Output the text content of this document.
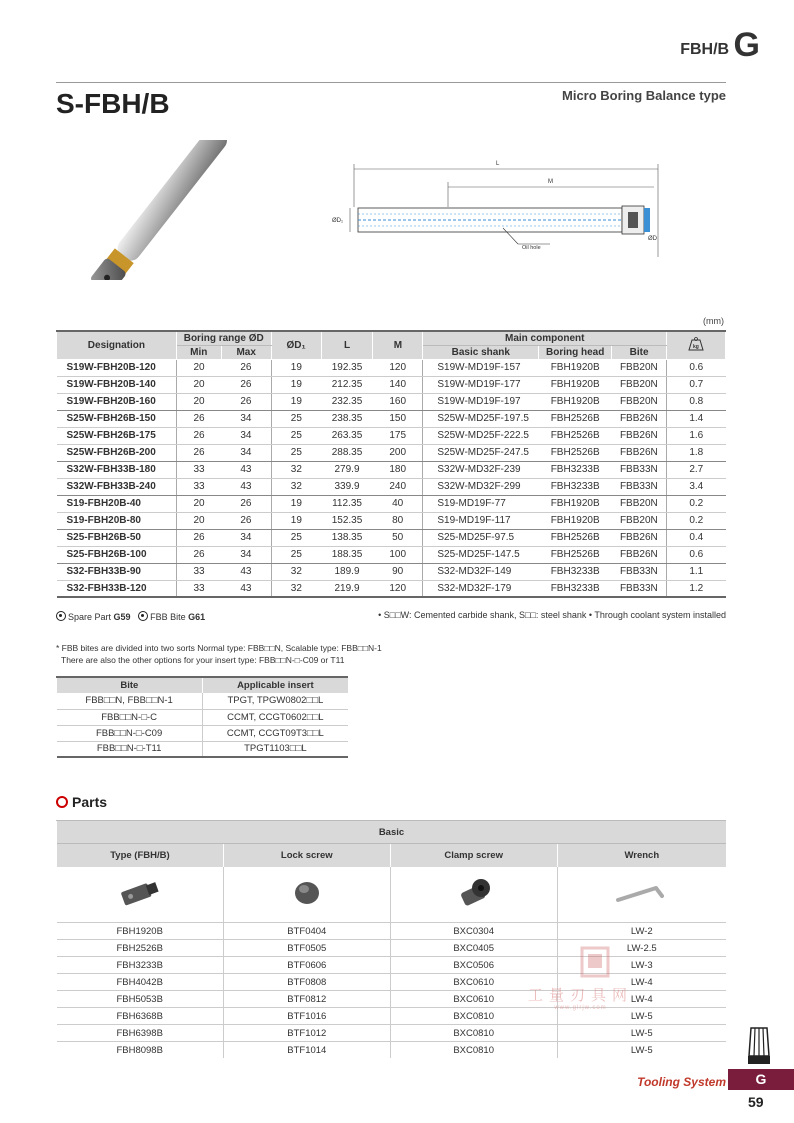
FBH/B G
S-FBH/B	Micro Boring Balance type
L
M
ØD₁
ØD
Oil hole
(mm)
Designation	Boring range ØD		ØD₁	L	M	Main component			kg

	Min	Max				Basic shank	Boring head	Bite	
S19W-FBH20B-120	20	26	19	192.35	120	S19W-MD19F-157	FBH1920B	FBB20N	0.6
S19W-FBH20B-140	20	26	19	212.35	140	S19W-MD19F-177	FBH1920B	FBB20N	0.7
S19W-FBH20B-160	20	26	19	232.35	160	S19W-MD19F-197	FBH1920B	FBB20N	0.8
S25W-FBH26B-150	26	34	25	238.35	150	S25W-MD25F-197.5	FBH2526B	FBB26N	1.4
S25W-FBH26B-175	26	34	25	263.35	175	S25W-MD25F-222.5	FBH2526B	FBB26N	1.6
S25W-FBH26B-200	26	34	25	288.35	200	S25W-MD25F-247.5	FBH2526B	FBB26N	1.8
S32W-FBH33B-180	33	43	32	279.9	180	S32W-MD32F-239	FBH3233B	FBB33N	2.7
S32W-FBH33B-240	33	43	32	339.9	240	S32W-MD32F-299	FBH3233B	FBB33N	3.4
S19-FBH20B-40	20	26	19	112.35	40	S19-MD19F-77	FBH1920B	FBB20N	0.2
S19-FBH20B-80	20	26	19	152.35	80	S19-MD19F-117	FBH1920B	FBB20N	0.2
S25-FBH26B-50	26	34	25	138.35	50	S25-MD25F-97.5	FBH2526B	FBB26N	0.4
S25-FBH26B-100	26	34	25	188.35	100	S25-MD25F-147.5	FBH2526B	FBB26N	0.6
S32-FBH33B-90	33	43	32	189.9	90	S32-MD32F-149	FBH3233B	FBB33N	1.1
S32-FBH33B-120	33	43	32	219.9	120	S32-MD32F-179	FBH3233B	FBB33N	1.2
Spare Part G59 FBB Bite G61	• S□□W: Cemented carbide shank, S□□: steel shank • Through coolant system installed
* FBB bites are divided into two sorts Normal type: FBB□□N, Scalable type: FBB□□N-1
There are also the other options for your insert type: FBB□□N-□-C09 or T11
Bite	Applicable insert
FBB□□N, FBB□□N-1	TPGT, TPGW0802□□L
FBB□□N-□-C	CCMT, CCGT0602□□L
FBB□□N-□-C09	CCMT, CCGT09T3□□L
FBB□□N-□-T11	TPGT1103□□L
Parts
Basic			
Type (FBH/B)	Lock screw	Clamp screw	Wrench

FBH1920B	BTF0404	BXC0304	LW-2
FBH2526B	BTF0505	BXC0405	LW-2.5
FBH3233B	BTF0606	BXC0506	LW-3
FBH4042B	BTF0808	BXC0610	LW-4
FBH5053B	BTF0812	BXC0610	LW-4
FBH6368B	BTF1016	BXC0810	LW-5
FBH6398B	BTF1012	BXC0810	LW-5
FBH8098B	BTF1014	BXC0810	LW-5
工量刃具网
www.glrjw.com
Tooling System	G
59
